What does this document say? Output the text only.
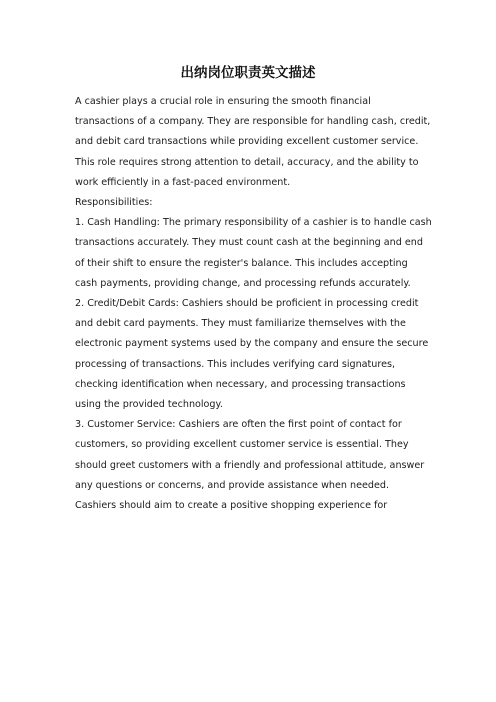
出纳岗位职责英文描述

A cashier plays a crucial role in ensuring the smooth financial
transactions of a company. They are responsible for handling cash, credit,
and debit card transactions while providing excellent customer service.
This role requires strong attention to detail, accuracy, and the ability to
work efficiently in a fast-paced environment.

Responsibilities:

1. Cash Handling: The primary responsibility of a cashier is to handle cash
transactions accurately. They must count cash at the beginning and end
of their shift to ensure the register's balance. This includes accepting
cash payments, providing change, and processing refunds accurately.

2. Credit/Debit Cards: Cashiers should be proficient in processing credit
and debit card payments. They must familiarize themselves with the
electronic payment systems used by the company and ensure the secure
processing of transactions. This includes verifying card signatures,
checking identification when necessary, and processing transactions
using the provided technology.

3. Customer Service: Cashiers are often the first point of contact for
customers, so providing excellent customer service is essential. They
should greet customers with a friendly and professional attitude, answer
any questions or concerns, and provide assistance when needed.
Cashiers should aim to create a positive shopping experience for
